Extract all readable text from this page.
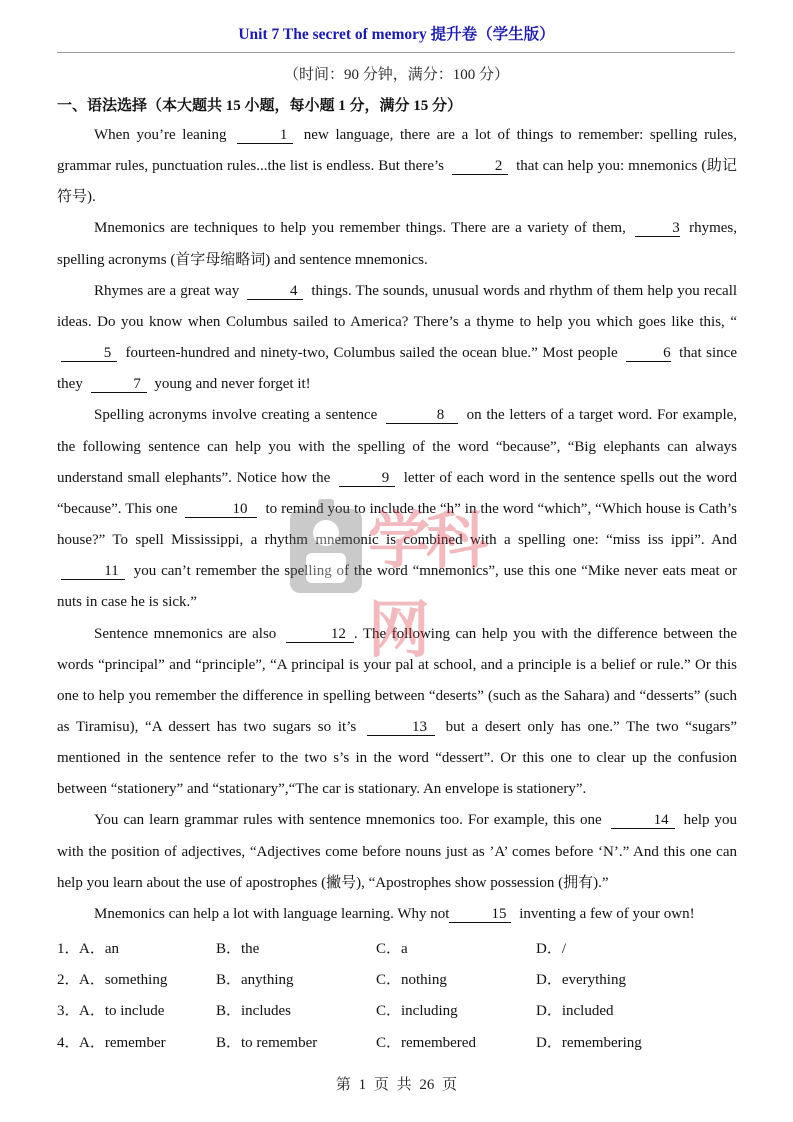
Unit 7 The secret of memory 提升卷（学生版）
（时间：90 分钟，满分：100 分）
一、语法选择（本大题共 15 小题，每小题 1 分，满分 15 分）

When you’re leaning	1 new language, there are a lot of things to remember: spelling rules, grammar rules, punctuation rules...the list is endless. But there’s	2 that can help you: mnemonics (助记符号).

Mnemonics are techniques to help you remember things. There are a variety of them,	3 rhymes, spelling acronyms (首字母缩略词) and sentence mnemonics.

Rhymes are a great way	4 things. The sounds, unusual words and rhythm of them help you recall ideas. Do you know when Columbus sailed to America? There’s a thyme to help you which goes like this, “5 fourteen-hundred and ninety-two, Columbus sailed the ocean blue.” Most people	6 that since they	7 young and never forget it!

Spelling acronyms involve creating a sentence	8 on the letters of a target word. For example, the following sentence can help you with the spelling of the word “because”, “Big elephants can always understand small elephants”. Notice how the	9 letter of each word in the sentence spells out the word “because”. This one	10 to remind you to include the “h” in the word “which”, “Which house is Cath’s house?” To spell Mississippi, a rhythm mnemonic is combined with a spelling one: “miss iss ippi”. And 11 you can’t remember the spelling of the word “mnemonics”, use this one “Mike never eats meat or nuts in case he is sick.”

Sentence mnemonics are also	12 . The following can help you with the difference between the words “principal” and “principle”, “A principal is your pal at school, and a principle is a belief or rule.” Or this one to help you remember the difference in spelling between “deserts” (such as the Sahara) and “desserts” (such as Tiramisu), “A dessert has two sugars so it’s	13 but a desert only has one.” The two “sugars” mentioned in the sentence refer to the two s’s in the word “dessert”. Or this one to clear up the confusion between “stationery” and “stationary”,“The car is stationary. An envelope is stationery”.

You can learn grammar rules with sentence mnemonics too. For example, this one	14 help you with the position of adjectives, “Adjectives come before nouns just as ’A’ comes before ‘N’.” And this one can help you learn about the use of apostrophes (撇号), “Apostrophes show possession (拥有).”

Mnemonics can help a lot with language learning. Why not	15 inventing a few of your own!

1． A．an	B．the	C．a	D．/
2． A．something	B．anything	C．nothing	D．everything
3． A．to include	B．includes	C．including	D．included
4． A．remember	B．to remember	C．remembered	D．remembering
学科网
第 1 页 共 26 页
